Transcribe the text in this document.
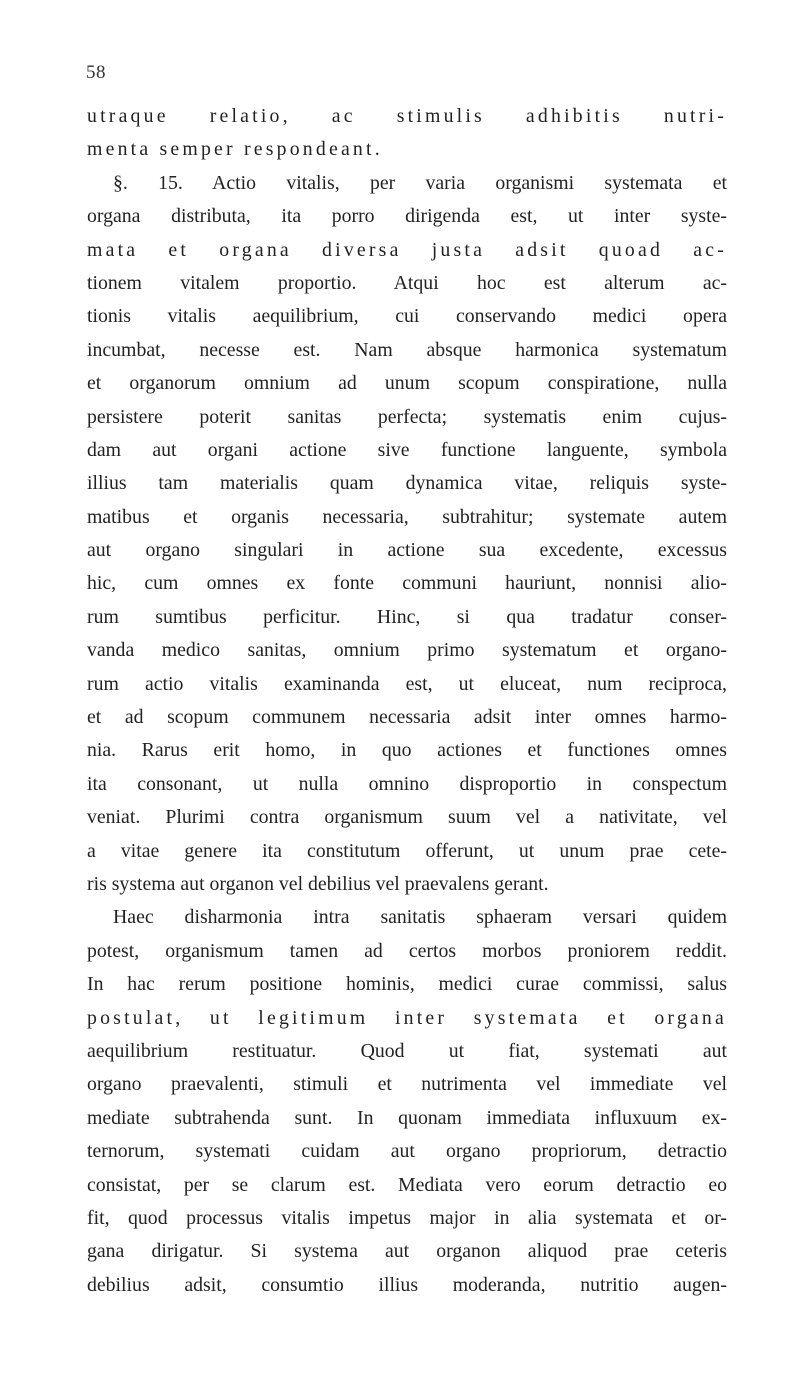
58
utraque relatio, ac stimulis adhibitis nutri-
menta semper respondeant.
§. 15. Actio vitalis, per varia organismi systemata et
organa distributa, ita porro dirigenda est, ut inter syste-
mata et organa diversa justa adsit quoad ac-
tionem vitalem proportio. Atqui hoc est alterum ac-
tionis vitalis aequilibrium, cui conservando medici opera
incumbat, necesse est. Nam absque harmonica systematum
et organorum omnium ad unum scopum conspiratione, nulla
persistere poterit sanitas perfecta; systematis enim cujus-
dam aut organi actione sive functione languente, symbola
illius tam materialis quam dynamica vitae, reliquis syste-
matibus et organis necessaria, subtrahitur; systemate autem
aut organo singulari in actione sua excedente, excessus
hic, cum omnes ex fonte communi hauriunt, nonnisi alio-
rum sumtibus perficitur. Hinc, si qua tradatur conser-
vanda medico sanitas, omnium primo systematum et organo-
rum actio vitalis examinanda est, ut eluceat, num reciproca,
et ad scopum communem necessaria adsit inter omnes harmo-
nia. Rarus erit homo, in quo actiones et functiones omnes
ita consonant, ut nulla omnino disproportio in conspectum
veniat. Plurimi contra organismum suum vel a nativitate, vel
a vitae genere ita constitutum offerunt, ut unum prae cete-
ris systema aut organon vel debilius vel praevalens gerant.
Haec disharmonia intra sanitatis sphaeram versari quidem
potest, organismum tamen ad certos morbos proniorem reddit.
In hac rerum positione hominis, medici curae commissi, salus
postulat, ut legitimum inter systemata et organa
aequilibrium restituatur. Quod ut fiat, systemati aut
organo praevalenti, stimuli et nutrimenta vel immediate vel
mediate subtrahenda sunt. In quonam immediata influxuum ex-
ternorum, systemati cuidam aut organo propriorum, detractio
consistat, per se clarum est. Mediata vero eorum detractio eo
fit, quod processus vitalis impetus major in alia systemata et or-
gana dirigatur. Si systema aut organon aliquod prae ceteris
debilius adsit, consumtio illius moderanda, nutritio augen-
